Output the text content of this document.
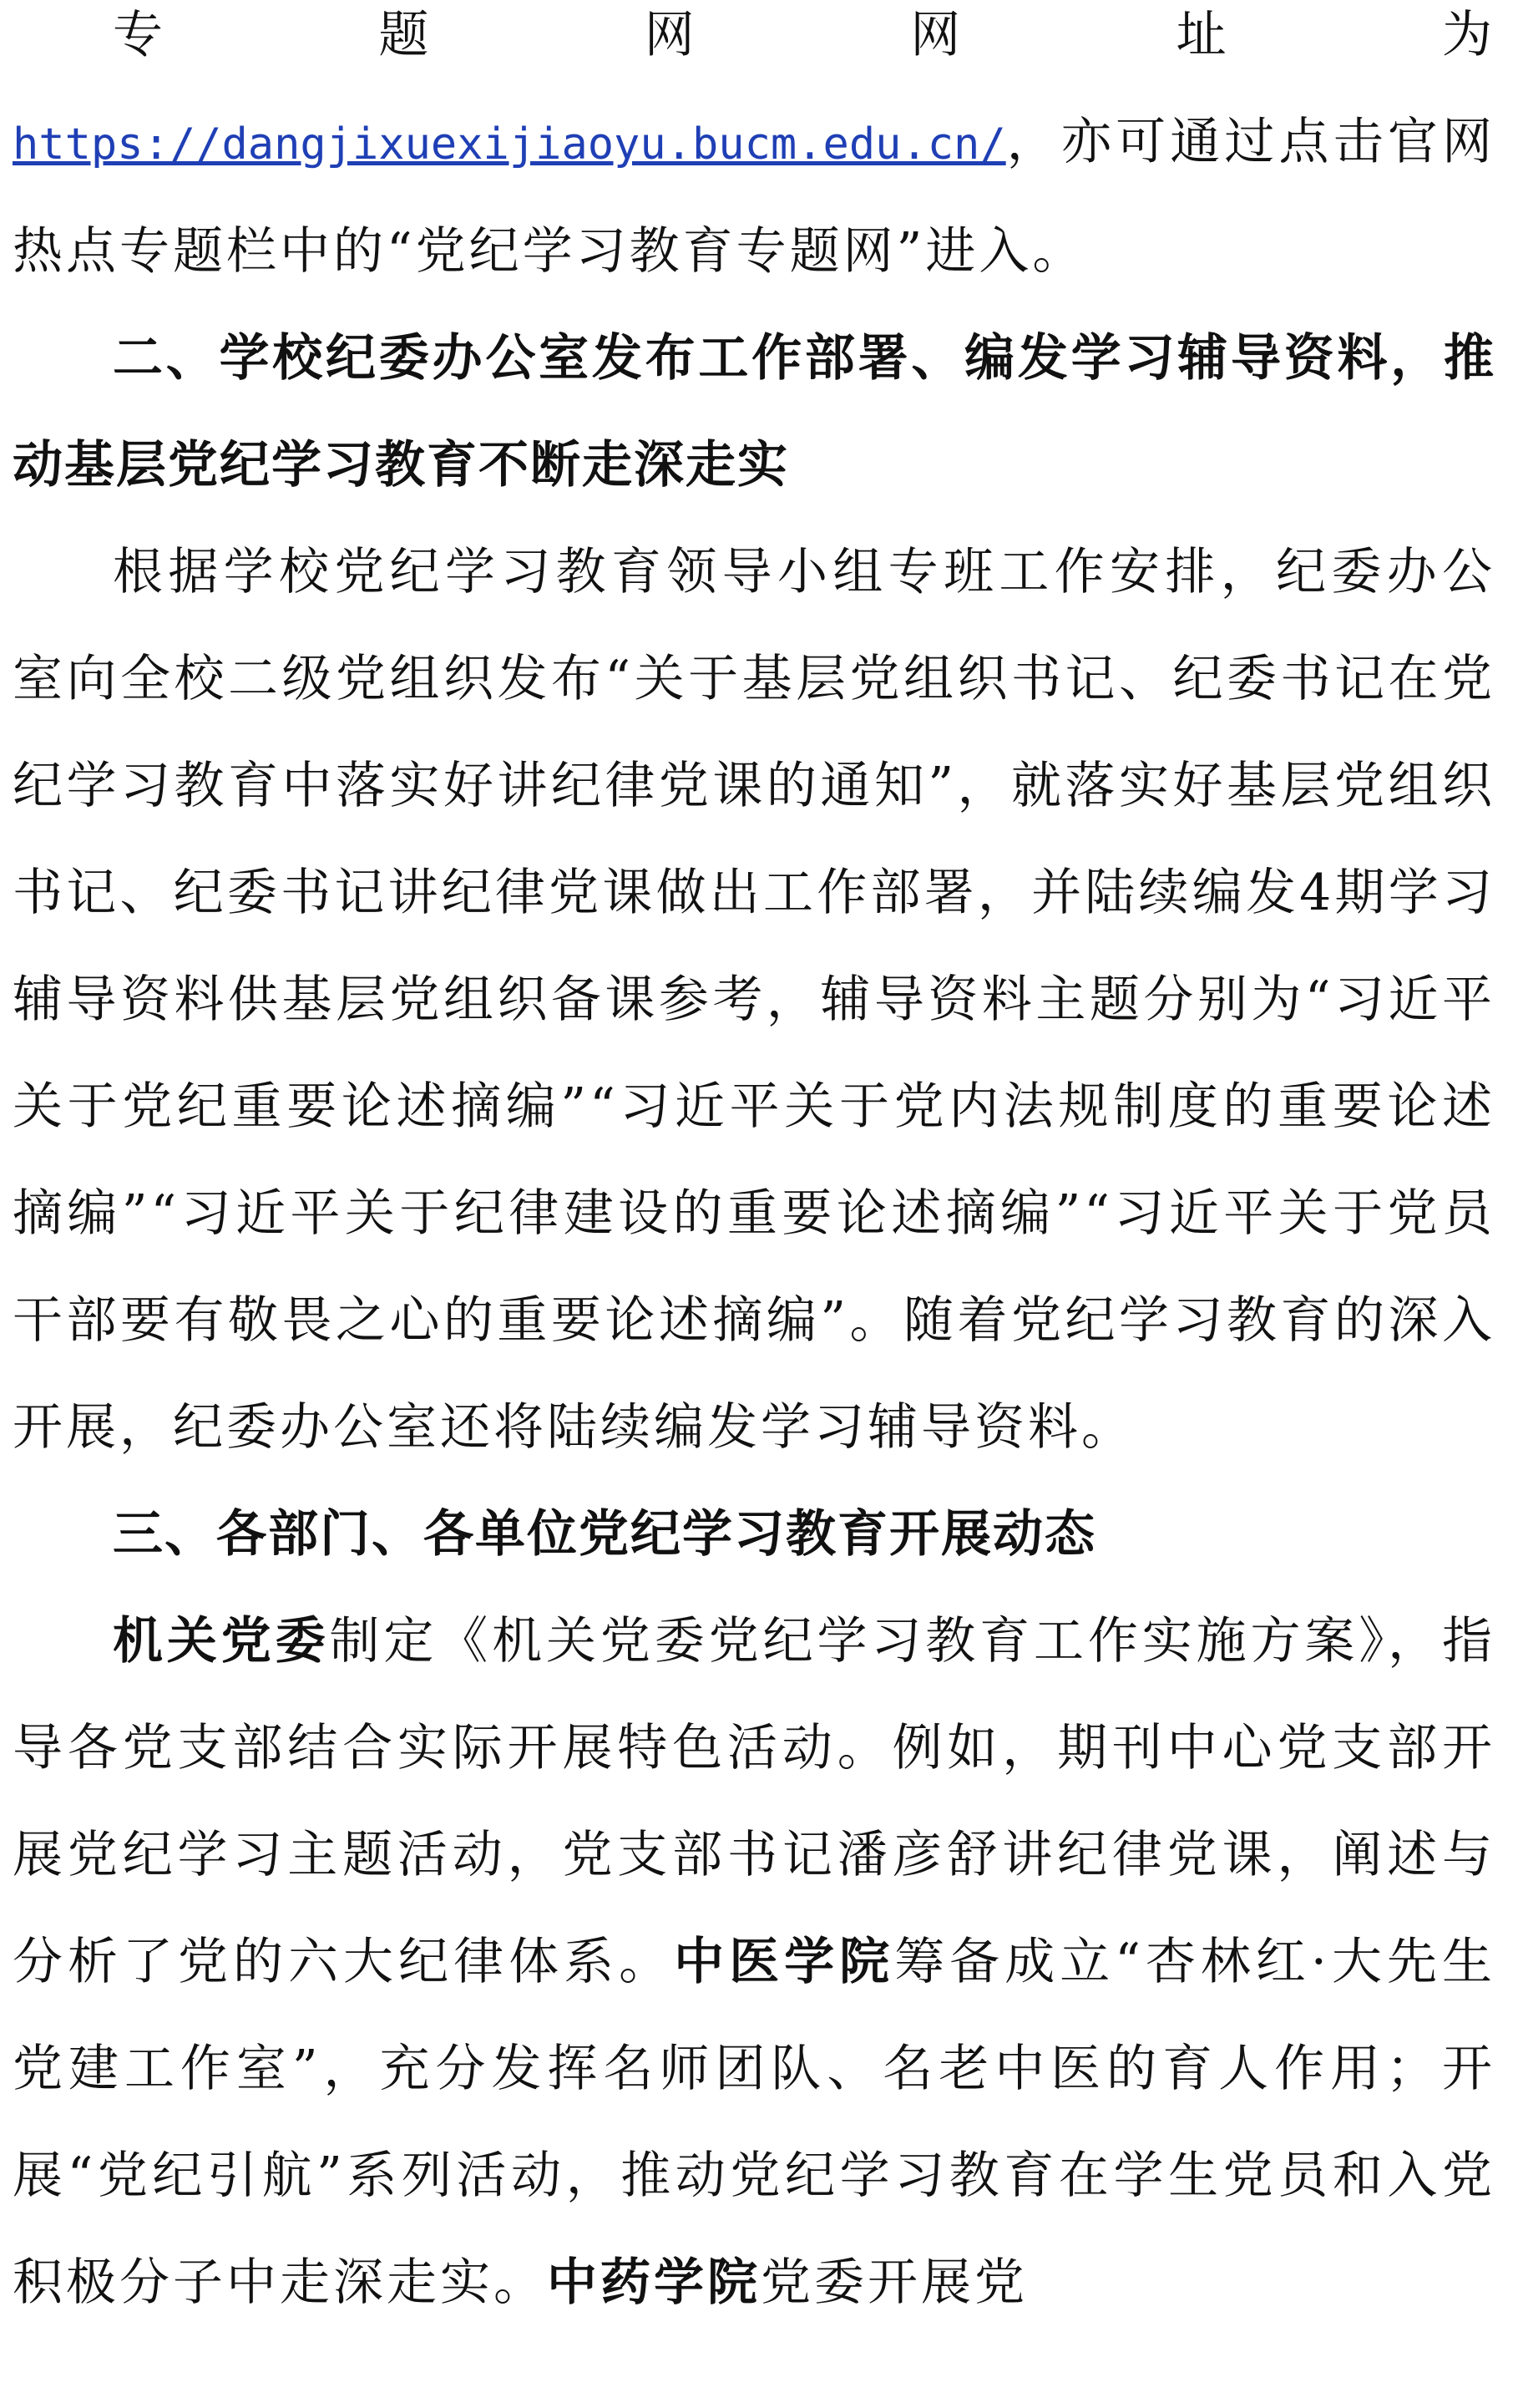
专题网网址为 https://dangjixuexijiaoyu.bucm.edu.cn/，亦可通过点击官网热点专题栏中的“党纪学习教育专题网”进入。

二、学校纪委办公室发布工作部署、编发学习辅导资料，推动基层党纪学习教育不断走深走实

根据学校党纪学习教育领导小组专班工作安排，纪委办公室向全校二级党组织发布“关于基层党组织书记、纪委书记在党纪学习教育中落实好讲纪律党课的通知”，就落实好基层党组织书记、纪委书记讲纪律党课做出工作部署，并陆续编发4期学习辅导资料供基层党组织备课参考，辅导资料主题分别为“习近平关于党纪重要论述摘编”“习近平关于党内法规制度的重要论述摘编”“习近平关于纪律建设的重要论述摘编”“习近平关于党员干部要有敬畏之心的重要论述摘编”。随着党纪学习教育的深入开展，纪委办公室还将陆续编发学习辅导资料。

三、各部门、各单位党纪学习教育开展动态

机关党委制定《机关党委党纪学习教育工作实施方案》，指导各党支部结合实际开展特色活动。例如，期刊中心党支部开展党纪学习主题活动，党支部书记潘彦舒讲纪律党课，阐述与分析了党的六大纪律体系。中医学院筹备成立“杏林红·大先生党建工作室”，充分发挥名师团队、名老中医的育人作用；开展“党纪引航”系列活动，推动党纪学习教育在学生党员和入党积极分子中走深走实。中药学院党委开展党
